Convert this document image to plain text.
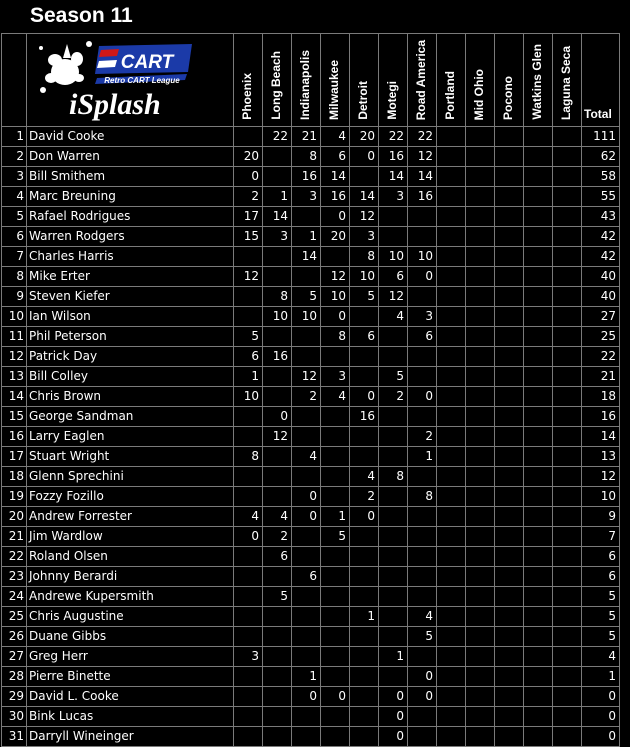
Season 11

CART
Retro CART League
iSplash	Phoenix	Long Beach	Indianapolis	Milwaukee	Detroit	Motegi	Road America	Portland	Mid Ohio	Pocono	Watkins Glen	Laguna Seca	Total

1	David Cooke		22	21	4	20	22	22						111
2	Don Warren	20		8	6	0	16	12						62
3	Bill Smithem	0		16	14		14	14						58
4	Marc Breuning	2	1	3	16	14	3	16						55
5	Rafael Rodrigues	17	14		0	12								43
6	Warren Rodgers	15	3	1	20	3								42
7	Charles Harris			14		8	10	10						42
8	Mike Erter	12			12	10	6	0						40
9	Steven Kiefer		8	5	10	5	12							40
10	Ian Wilson		10	10	0		4	3						27
11	Phil Peterson	5			8	6		6						25
12	Patrick Day	6	16											22
13	Bill Colley	1		12	3		5							21
14	Chris Brown	10		2	4	0	2	0						18
15	George Sandman		0			16								16
16	Larry Eaglen		12					2						14
17	Stuart Wright	8		4				1						13
18	Glenn Sprechini					4	8							12
19	Fozzy Fozillo			0		2		8						10
20	Andrew Forrester	4	4	0	1	0								9
21	Jim Wardlow	0	2		5									7
22	Roland Olsen		6											6
23	Johnny Berardi			6										6
24	Andrewe Kupersmith		5											5
25	Chris Augustine					1		4						5
26	Duane Gibbs							5						5
27	Greg Herr	3					1							4
28	Pierre Binette			1				0						1
29	David L. Cooke			0	0		0	0						0
30	Bink Lucas						0							0
31	Darryll Wineinger						0							0
